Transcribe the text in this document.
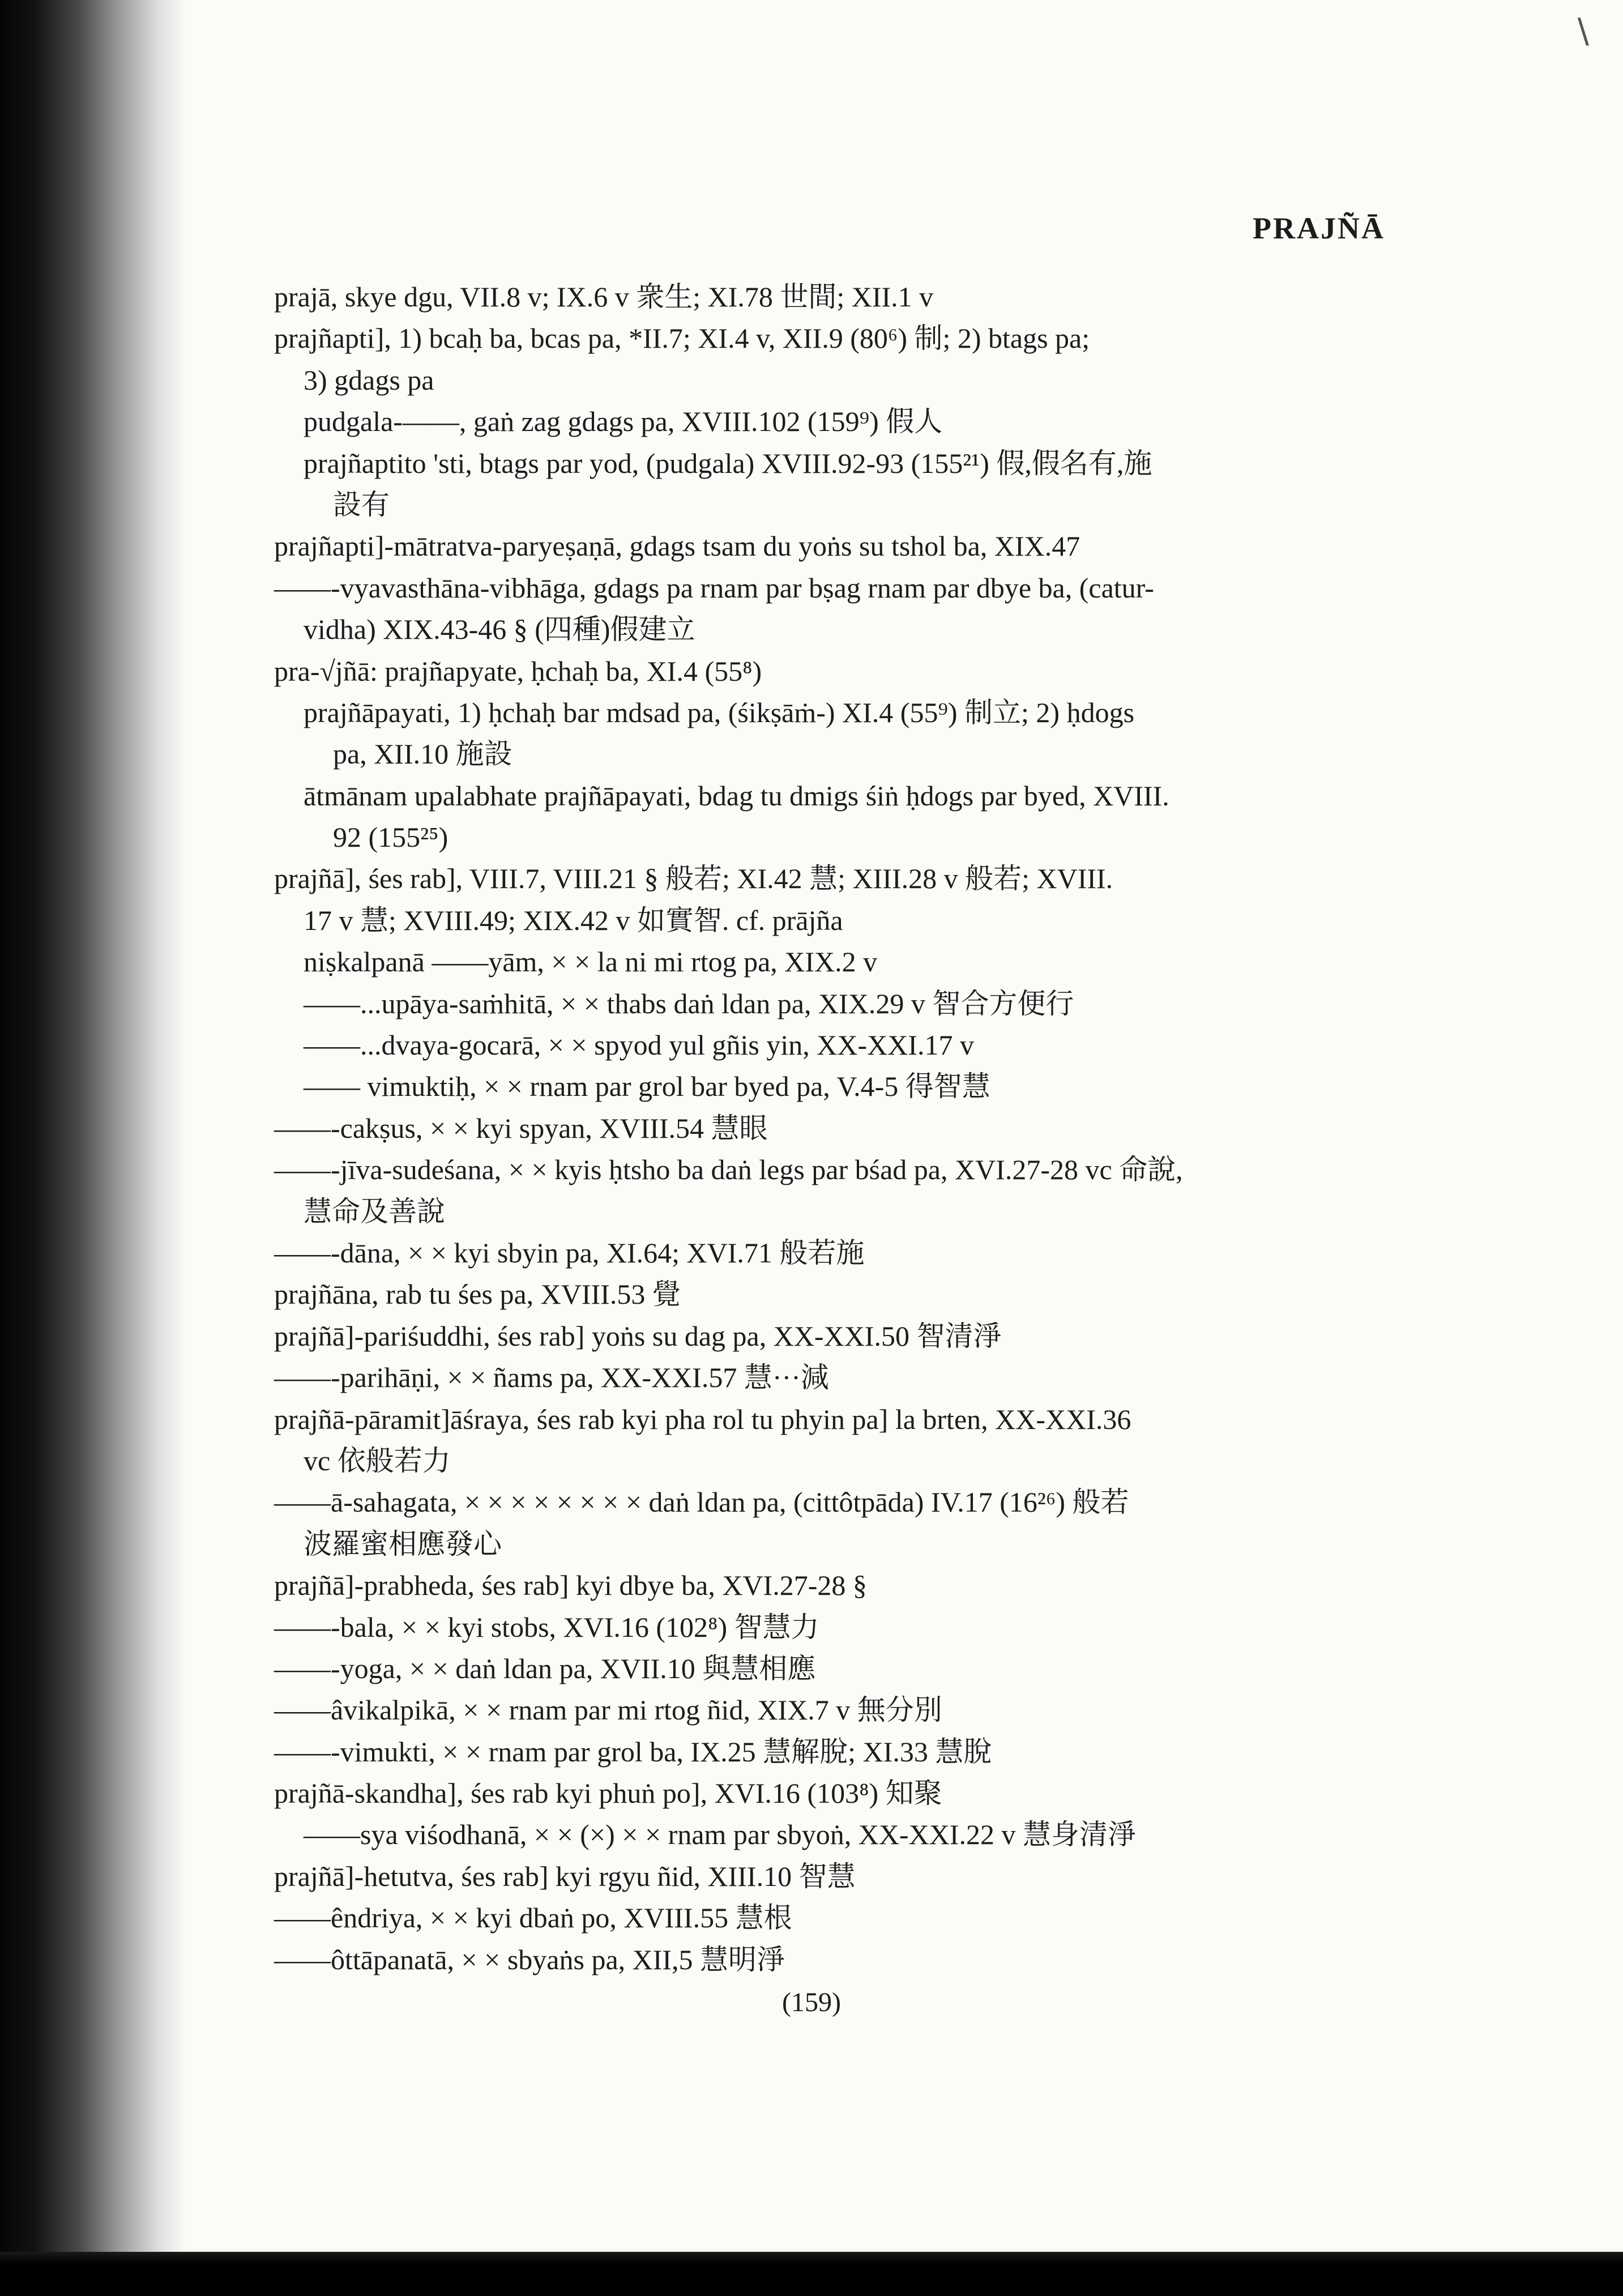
\
PRAJÑĀ
prajā, skye dgu, VII.8 v; IX.6 v 衆生; XI.78 世間; XII.1 v
prajñapti], 1) bcaḥ ba, bcas pa, *II.7; XI.4 v, XII.9 (80⁶) 制; 2) btags pa;
3) gdags pa
pudgala-——, gaṅ zag gdags pa, XVIII.102 (159⁹) 假人
prajñaptito 'sti, btags par yod, (pudgala) XVIII.92-93 (155²¹) 假,假名有,施
設有
prajñapti]-mātratva-paryeṣaṇā, gdags tsam du yoṅs su tshol ba, XIX.47
——-vyavasthāna-vibhāga, gdags pa rnam par bṣag rnam par dbye ba, (catur-
vidha) XIX.43-46 § (四種)假建立
pra-√jñā: prajñapyate, ḥchaḥ ba, XI.4 (55⁸)
prajñāpayati, 1) ḥchaḥ bar mdsad pa, (śikṣāṁ-) XI.4 (55⁹) 制立; 2) ḥdogs
pa, XII.10 施設
ātmānam upalabhate prajñāpayati, bdag tu dmigs śiṅ ḥdogs par byed, XVIII.
92 (155²⁵)
prajñā], śes rab], VIII.7, VIII.21 § 般若; XI.42 慧; XIII.28 v 般若; XVIII.
17 v 慧; XVIII.49; XIX.42 v 如實智. cf. prājña
niṣkalpanā ——yām, × × la ni mi rtog pa, XIX.2 v
——...upāya-saṁhitā, × × thabs daṅ ldan pa, XIX.29 v 智合方便行
——...dvaya-gocarā, × × spyod yul gñis yin, XX-XXI.17 v
—— vimuktiḥ, × × rnam par grol bar byed pa, V.4-5 得智慧
——-cakṣus, × × kyi spyan, XVIII.54 慧眼
——-jīva-sudeśana, × × kyis ḥtsho ba daṅ legs par bśad pa, XVI.27-28 vc 命說,
慧命及善說
——-dāna, × × kyi sbyin pa, XI.64; XVI.71 般若施
prajñāna, rab tu śes pa, XVIII.53 覺
prajñā]-pariśuddhi, śes rab] yoṅs su dag pa, XX-XXI.50 智清淨
——-parihāṇi, × × ñams pa, XX-XXI.57 慧···減
prajñā-pāramit]āśraya, śes rab kyi pha rol tu phyin pa] la brten, XX-XXI.36
vc 依般若力
——ā-sahagata, × × × × × × × × daṅ ldan pa, (cittôtpāda) IV.17 (16²⁶) 般若
波羅蜜相應發心
prajñā]-prabheda, śes rab] kyi dbye ba, XVI.27-28 §
——-bala, × × kyi stobs, XVI.16 (102⁸) 智慧力
——-yoga, × × daṅ ldan pa, XVII.10 與慧相應
——âvikalpikā, × × rnam par mi rtog ñid, XIX.7 v 無分別
——-vimukti, × × rnam par grol ba, IX.25 慧解脫; XI.33 慧脫
prajñā-skandha], śes rab kyi phuṅ po], XVI.16 (103⁸) 知聚
——sya viśodhanā, × × (×) × × rnam par sbyoṅ, XX-XXI.22 v 慧身清淨
prajñā]-hetutva, śes rab] kyi rgyu ñid, XIII.10 智慧
——êndriya, × × kyi dbaṅ po, XVIII.55 慧根
——ôttāpanatā, × × sbyaṅs pa, XII,5 慧明淨
(159)
